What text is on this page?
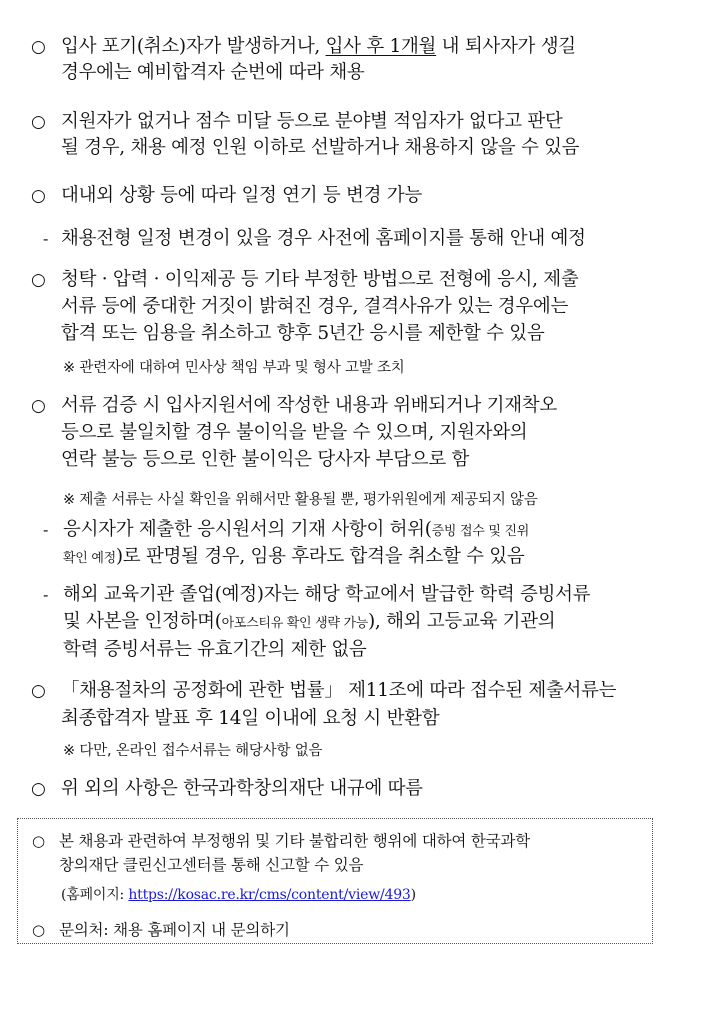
○ 입사 포기(취소)자가 발생하거나, 입사 후 1개월 내 퇴사자가 생길
경우에는 예비합격자 순번에 따라 채용
○ 지원자가 없거나 점수 미달 등으로 분야별 적임자가 없다고 판단
될 경우, 채용 예정 인원 이하로 선발하거나 채용하지 않을 수 있음
○ 대내외 상황 등에 따라 일정 연기 등 변경 가능
- 채용전형 일정 변경이 있을 경우 사전에 홈페이지를 통해 안내 예정
○ 청탁 · 압력 · 이익제공 등 기타 부정한 방법으로 전형에 응시, 제출
서류 등에 중대한 거짓이 밝혀진 경우, 결격사유가 있는 경우에는
합격 또는 임용을 취소하고 향후 5년간 응시를 제한할 수 있음
※ 관련자에 대하여 민사상 책임 부과 및 형사 고발 조치
○ 서류 검증 시 입사지원서에 작성한 내용과 위배되거나 기재착오
등으로 불일치할 경우 불이익을 받을 수 있으며, 지원자와의
연락 불능 등으로 인한 불이익은 당사자 부담으로 함
※ 제출 서류는 사실 확인을 위해서만 활용될 뿐, 평가위원에게 제공되지 않음
- 응시자가 제출한 응시원서의 기재 사항이 허위(증빙 접수 및 진위
확인 예정)로 판명될 경우, 임용 후라도 합격을 취소할 수 있음
- 해외 교육기관 졸업(예정)자는 해당 학교에서 발급한 학력 증빙서류
및 사본을 인정하며(아포스티유 확인 생략 가능), 해외 고등교육 기관의
학력 증빙서류는 유효기간의 제한 없음
○ 「채용절차의 공정화에 관한 법률」 제11조에 따라 접수된 제출서류는
최종합격자 발표 후 14일 이내에 요청 시 반환함
※ 다만, 온라인 접수서류는 해당사항 없음
○ 위 외의 사항은 한국과학창의재단 내규에 따름
○ 본 채용과 관련하여 부정행위 및 기타 불합리한 행위에 대하여 한국과학
창의재단 클린신고센터를 통해 신고할 수 있음
(홈페이지: https://kosac.re.kr/cms/content/view/493)
○ 문의처: 채용 홈페이지 내 문의하기
